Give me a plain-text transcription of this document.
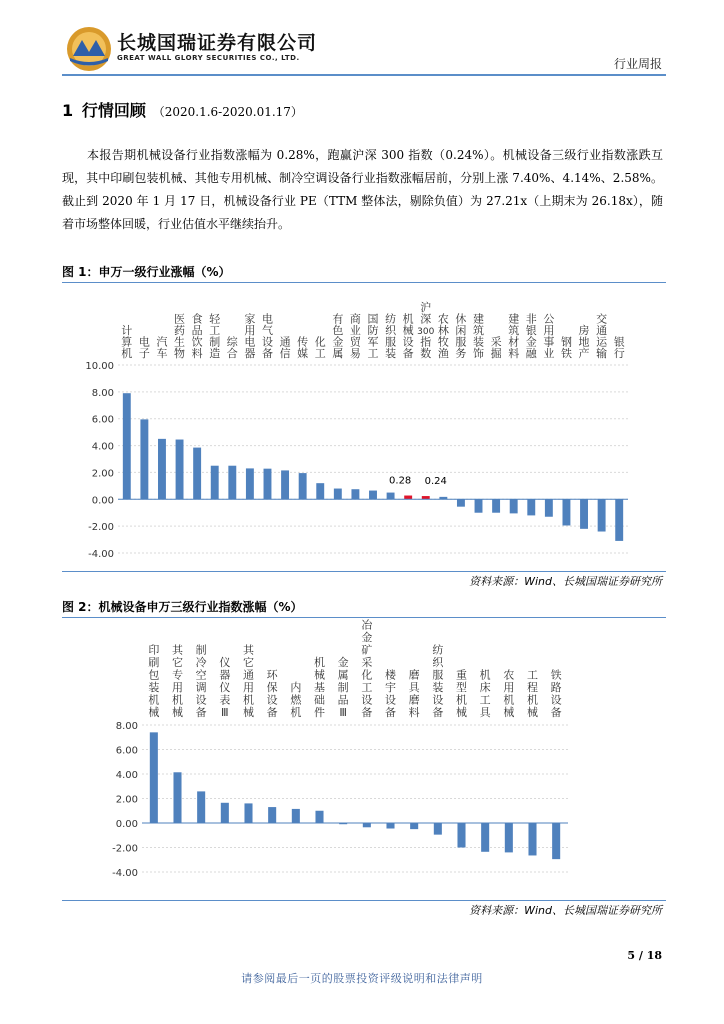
长城国瑞证券有限公司
GREAT WALL GLORY SECURITIES CO., LTD.	行业周报
1 行情回顾 （2020.1.6-2020.01.17）
本报告期机械设备行业指数涨幅为 0.28%，跑赢沪深 300 指数（0.24%）。机械设备三级行业指数涨跌互现，其中印刷包装机械、其他专用机械、制冷空调设备行业指数涨幅居前，分别上涨 7.40%、4.14%、2.58%。截止到 2020 年 1 月 17 日，机械设备行业 PE（TTM 整体法，剔除负值）为 27.21x（上期末为 26.18x），随着市场整体回暖，行业估值水平继续抬升。
图 1：申万一级行业涨幅（%）
10.00
8.00
6.00
4.00
2.00
0.00
-2.00
-4.00
计算机
电子
汽车
医药生物
食品饮料
轻工制造
综合
家用电器
电气设备
通信
传媒
化工
有色金属
商业贸易
国防军工
纺织服装
机械设备
0.28
沪深 300 指数
0.24
农林牧渔
休闲服务
建筑装饰
采掘
建筑材料
非银金融
公用事业
钢铁
房地产
交通运输
银行
资料来源：Wind、长城国瑞证券研究所
图 2：机械设备申万三级行业指数涨幅（%）
8.00
6.00
4.00
2.00
0.00
-2.00
-4.00
印刷包装机械
其它专用机械
制冷空调设备
仪器仪表 Ⅲ
其它通用机械
环保设备
内燃机
机械基础件
金属制品 Ⅲ
冶金矿采化工设备
楼宇设备
磨具磨料
纺织服装设备
重型机械
机床工具
农用机械
工程机械
铁路设备
资料来源：Wind、长城国瑞证券研究所
5 / 18
请参阅最后一页的股票投资评级说明和法律声明
